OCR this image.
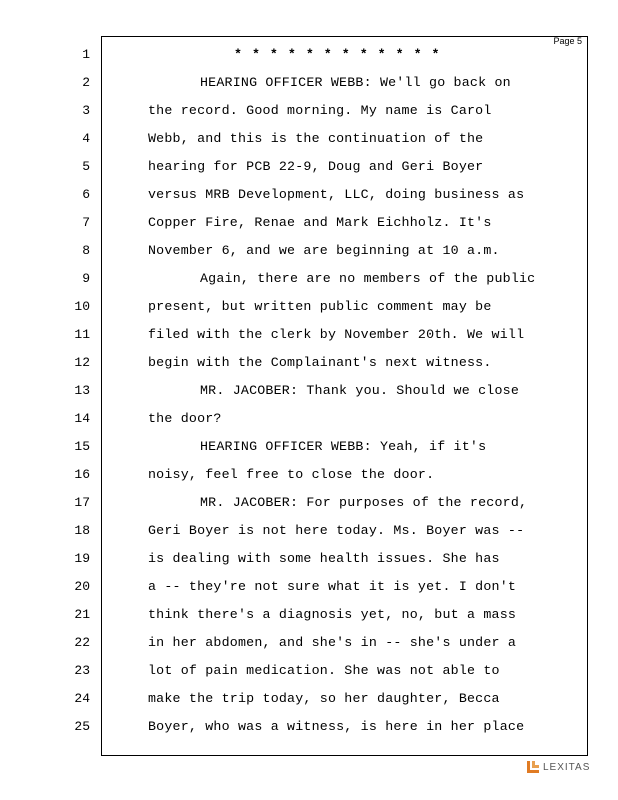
Page 5
1	* * * * * * * * * * * *
2	HEARING OFFICER WEBB: We'll go back on
3	the record. Good morning. My name is Carol
4	Webb, and this is the continuation of the
5	hearing for PCB 22-9, Doug and Geri Boyer
6	versus MRB Development, LLC, doing business as
7	Copper Fire, Renae and Mark Eichholz. It's
8	November 6, and we are beginning at 10 a.m.
9	Again, there are no members of the public
10	present, but written public comment may be
11	filed with the clerk by November 20th. We will
12	begin with the Complainant's next witness.
13	MR. JACOBER: Thank you. Should we close
14	the door?
15	HEARING OFFICER WEBB: Yeah, if it's
16	noisy, feel free to close the door.
17	MR. JACOBER: For purposes of the record,
18	Geri Boyer is not here today. Ms. Boyer was --
19	is dealing with some health issues. She has
20	a -- they're not sure what it is yet. I don't
21	think there's a diagnosis yet, no, but a mass
22	in her abdomen, and she's in -- she's under a
23	lot of pain medication. She was not able to
24	make the trip today, so her daughter, Becca
25	Boyer, who was a witness, is here in her place
LEXITAS
